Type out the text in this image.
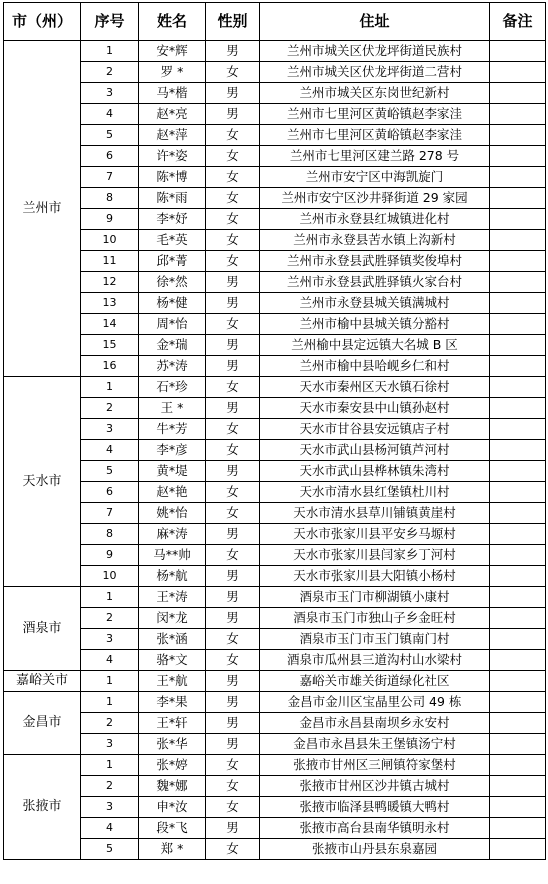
市（州）	序号	姓名	性别	住址	备注
兰州市	1	安*辉	男	兰州市城关区伏龙坪街道民族村	
	2	罗 *	女	兰州市城关区伏龙坪街道二营村	
	3	马*楷	男	兰州市城关区东岗世纪新村	
	4	赵*亮	男	兰州市七里河区黄峪镇赵李家洼	
	5	赵*萍	女	兰州市七里河区黄峪镇赵李家洼	
	6	许*姿	女	兰州市七里河区建兰路 278 号	
	7	陈*博	女	兰州市安宁区中海凯旋门	
	8	陈*雨	女	兰州市安宁区沙井驿街道 29 家园	
	9	李*妤	女	兰州市永登县红城镇进化村	
	10	毛*英	女	兰州市永登县苦水镇上沟新村	
	11	邱*菁	女	兰州市永登县武胜驿镇奖俊埠村	
	12	徐*然	男	兰州市永登县武胜驿镇火家台村	
	13	杨*健	男	兰州市永登县城关镇满城村	
	14	周*怡	女	兰州市榆中县城关镇分豁村	
	15	金*瑞	男	兰州榆中县定远镇大名城 B 区	
	16	苏*涛	男	兰州市榆中县哈岘乡仁和村	
天水市	1	石*珍	女	天水市秦州区天水镇石徐村	
	2	王 *	男	天水市秦安县中山镇孙赵村	
	3	牛*芳	女	天水市甘谷县安远镇店子村	
	4	李*彦	女	天水市武山县杨河镇芦河村	
	5	黄*堤	男	天水市武山县桦林镇朱湾村	
	6	赵*艳	女	天水市清水县红堡镇杜川村	
	7	姚*怡	女	天水市清水县草川铺镇黄崖村	
	8	麻*涛	男	天水市张家川县平安乡马塬村	
	9	马**帅	女	天水市张家川县闫家乡丁河村	
	10	杨*航	男	天水市张家川县大阳镇小杨村	
酒泉市	1	王*涛	男	酒泉市玉门市柳湖镇小康村	
	2	闵*龙	男	酒泉市玉门市独山子乡金旺村	
	3	张*涵	女	酒泉市玉门市玉门镇南门村	
	4	骆*文	女	酒泉市瓜州县三道沟村山水梁村	
嘉峪关市	1	王*航	男	嘉峪关市雄关街道绿化社区	
金昌市	1	李*果	男	金昌市金川区宝晶里公司 49 栋	
	2	王*轩	男	金昌市永昌县南坝乡永安村	
	3	张*华	男	金昌市永昌县朱王堡镇汤宁村	
张掖市	1	张*婷	女	张掖市甘州区三闸镇符家堡村	
	2	魏*娜	女	张掖市甘州区沙井镇古城村	
	3	申*汝	女	张掖市临泽县鸭暖镇大鸭村	
	4	段*飞	男	张掖市高台县南华镇明永村	
	5	郑 *	女	张掖市山丹县东泉嘉园	
